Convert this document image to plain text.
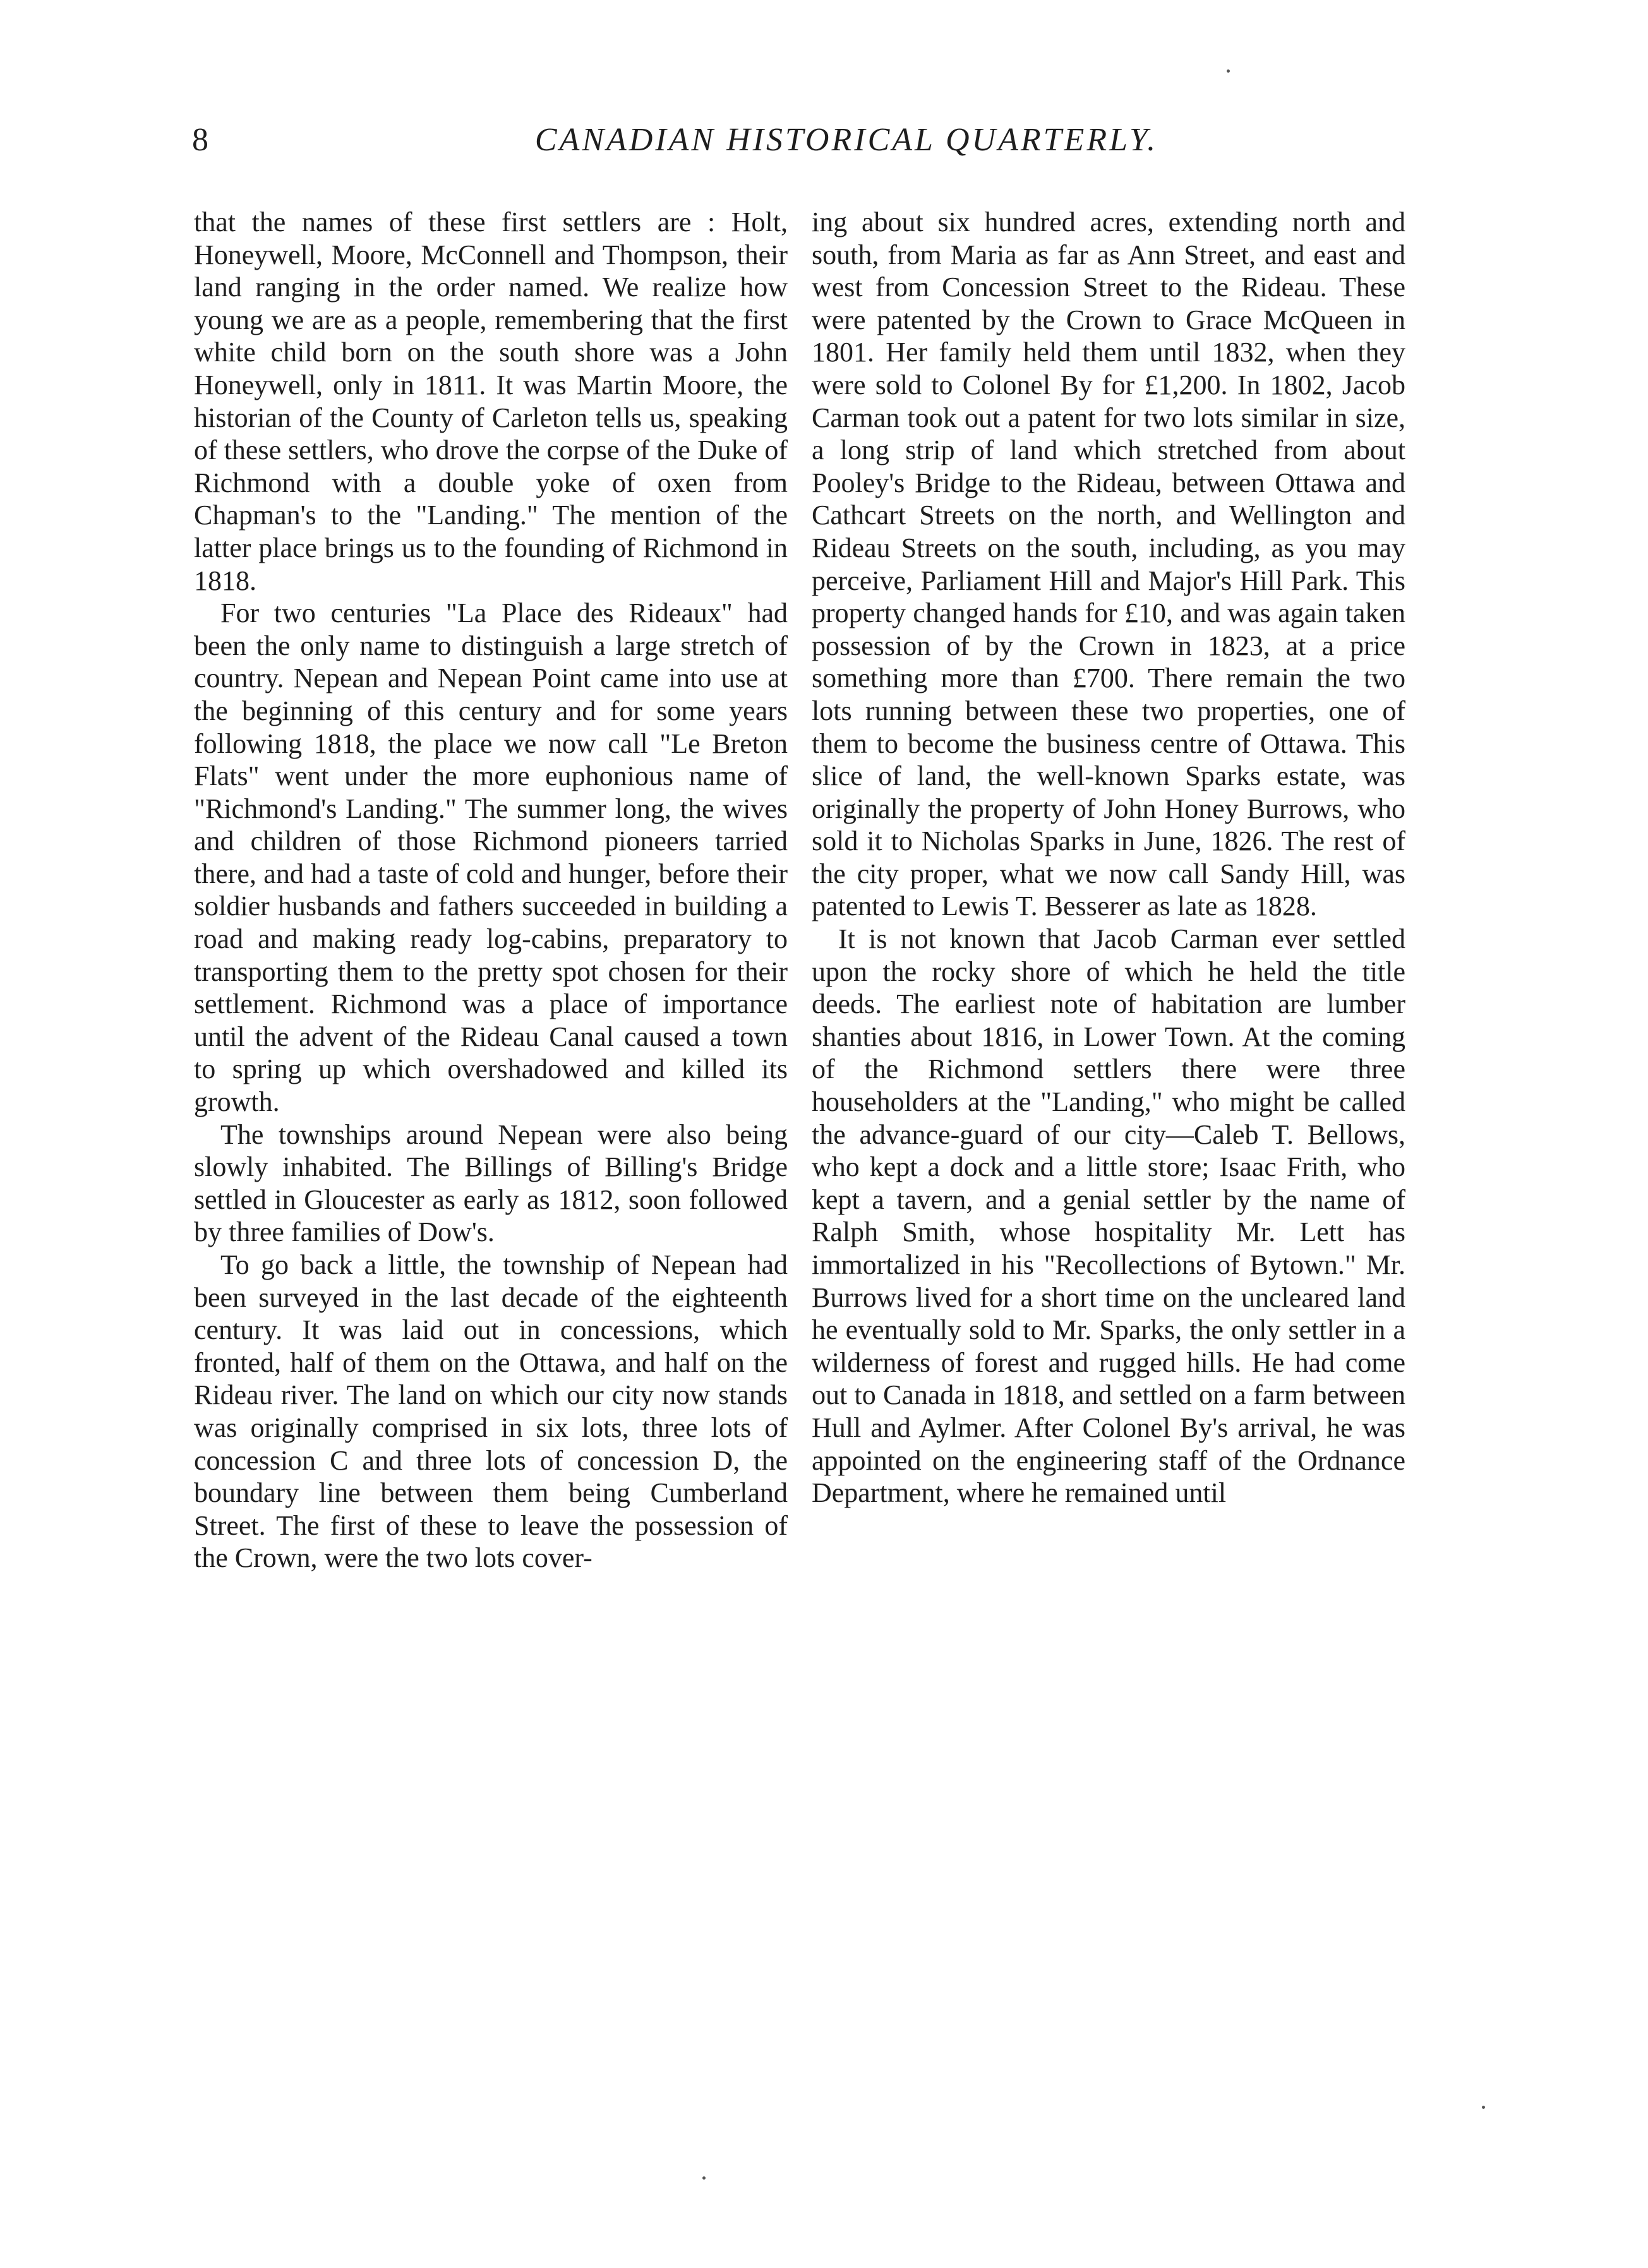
8	CANADIAN HISTORICAL QUARTERLY.

that the names of these first settlers are : Holt, Honeywell, Moore, McConnell and Thompson, their land ranging in the order named. We realize how young we are as a people, remembering that the first white child born on the south shore was a John Honeywell, only in 1811. It was Martin Moore, the historian of the County of Carleton tells us, speaking of these settlers, who drove the corpse of the Duke of Richmond with a double yoke of oxen from Chapman's to the "Landing." The mention of the latter place brings us to the founding of Richmond in 1818.

For two centuries "La Place des Rideaux" had been the only name to distinguish a large stretch of country. Nepean and Nepean Point came into use at the beginning of this century and for some years following 1818, the place we now call "Le Breton Flats" went under the more euphonious name of "Richmond's Landing." The summer long, the wives and children of those Richmond pioneers tarried there, and had a taste of cold and hunger, before their soldier husbands and fathers succeeded in building a road and making ready log-cabins, preparatory to transporting them to the pretty spot chosen for their settlement. Richmond was a place of importance until the advent of the Rideau Canal caused a town to spring up which overshadowed and killed its growth.

The townships around Nepean were also being slowly inhabited. The Billings of Billing's Bridge settled in Gloucester as early as 1812, soon followed by three families of Dow's.

To go back a little, the township of Nepean had been surveyed in the last decade of the eighteenth century. It was laid out in concessions, which fronted, half of them on the Ottawa, and half on the Rideau river. The land on which our city now stands was originally comprised in six lots, three lots of concession C and three lots of concession D, the boundary line between them being Cumberland Street. The first of these to leave the possession of the Crown, were the two lots cover-

ing about six hundred acres, extending north and south, from Maria as far as Ann Street, and east and west from Concession Street to the Rideau. These were patented by the Crown to Grace McQueen in 1801. Her family held them until 1832, when they were sold to Colonel By for £1,200. In 1802, Jacob Carman took out a patent for two lots similar in size, a long strip of land which stretched from about Pooley's Bridge to the Rideau, between Ottawa and Cathcart Streets on the north, and Wellington and Rideau Streets on the south, including, as you may perceive, Parliament Hill and Major's Hill Park. This property changed hands for £10, and was again taken possession of by the Crown in 1823, at a price something more than £700. There remain the two lots running between these two properties, one of them to become the business centre of Ottawa. This slice of land, the well-known Sparks estate, was originally the property of John Honey Burrows, who sold it to Nicholas Sparks in June, 1826. The rest of the city proper, what we now call Sandy Hill, was patented to Lewis T. Besserer as late as 1828.

It is not known that Jacob Carman ever settled upon the rocky shore of which he held the title deeds. The earliest note of habitation are lumber shanties about 1816, in Lower Town. At the coming of the Richmond settlers there were three householders at the "Landing," who might be called the advance-guard of our city—Caleb T. Bellows, who kept a dock and a little store; Isaac Frith, who kept a tavern, and a genial settler by the name of Ralph Smith, whose hospitality Mr. Lett has immortalized in his "Recollections of Bytown." Mr. Burrows lived for a short time on the uncleared land he eventually sold to Mr. Sparks, the only settler in a wilderness of forest and rugged hills. He had come out to Canada in 1818, and settled on a farm between Hull and Aylmer. After Colonel By's arrival, he was appointed on the engineering staff of the Ordnance Department, where he remained until
